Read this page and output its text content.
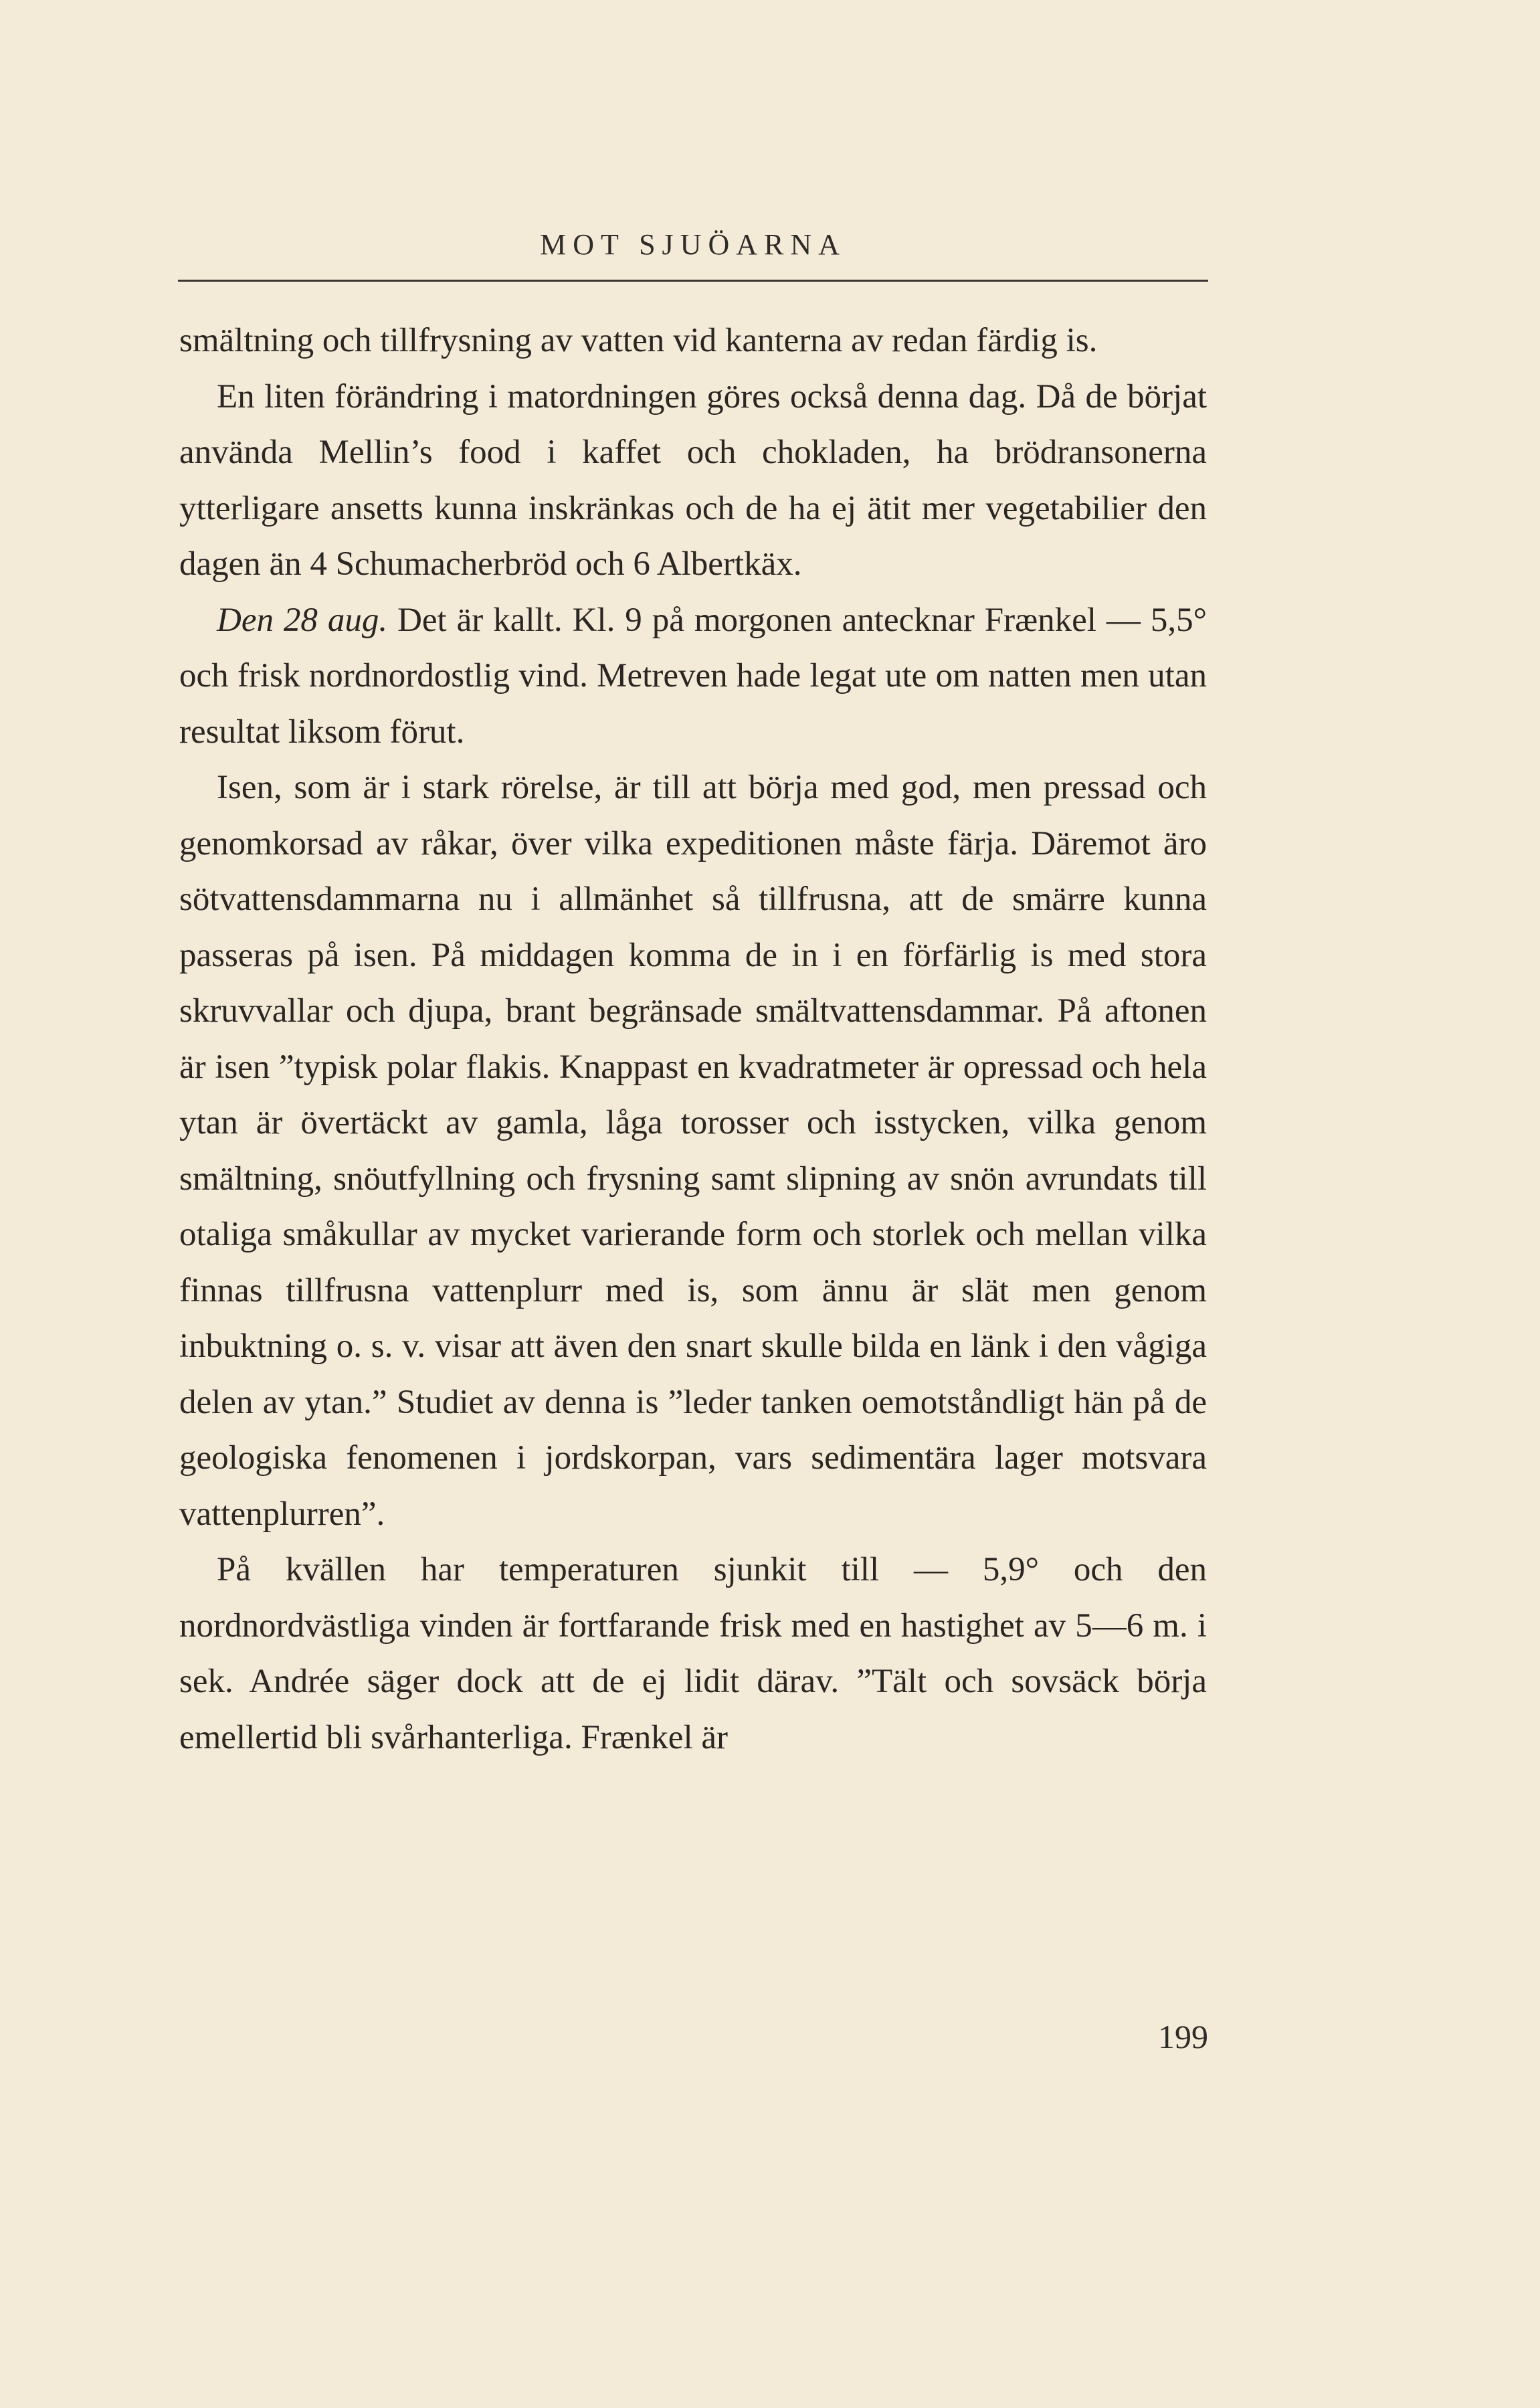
MOT SJUÖARNA

smältning och tillfrysning av vatten vid kanterna av redan färdig is.

En liten förändring i matordningen göres också denna dag. Då de börjat använda Mellin’s food i kaffet och chokladen, ha brödransonerna ytterligare ansetts kunna inskränkas och de ha ej ätit mer vegetabilier den dagen än 4 Schumacherbröd och 6 Albertkäx.

Den 28 aug. Det är kallt. Kl. 9 på morgonen antecknar Frænkel — 5,5° och frisk nordnordostlig vind. Metreven hade legat ute om natten men utan resultat liksom förut.

Isen, som är i stark rörelse, är till att börja med god, men pressad och genomkorsad av råkar, över vilka expeditionen måste färja. Däremot äro sötvattensdammarna nu i allmänhet så tillfrusna, att de smärre kunna passeras på isen. På middagen komma de in i en förfärlig is med stora skruvvallar och djupa, brant begränsade smältvattensdammar. På aftonen är isen ”typisk polar flakis. Knappast en kvadratmeter är opressad och hela ytan är övertäckt av gamla, låga torosser och isstycken, vilka genom smältning, snöutfyllning och frysning samt slipning av snön avrundats till otaliga småkullar av mycket varierande form och storlek och mellan vilka finnas tillfrusna vattenplurr med is, som ännu är slät men genom inbuktning o. s. v. visar att även den snart skulle bilda en länk i den vågiga delen av ytan.” Studiet av denna is ”leder tanken oemotståndligt hän på de geologiska fenomenen i jordskorpan, vars sedimentära lager motsvara vattenplurren”.

På kvällen har temperaturen sjunkit till — 5,9° och den nordnordvästliga vinden är fortfarande frisk med en hastighet av 5—6 m. i sek. Andrée säger dock att de ej lidit därav. ”Tält och sovsäck börja emellertid bli svårhanterliga. Frænkel är

199
